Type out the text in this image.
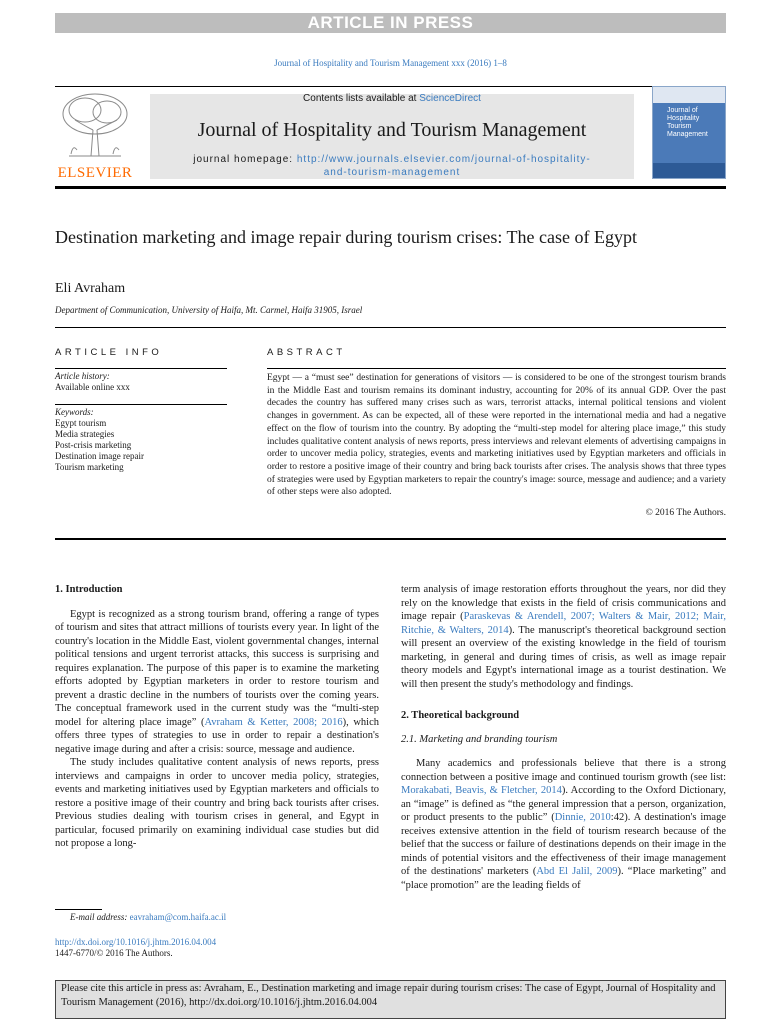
ARTICLE IN PRESS
Journal of Hospitality and Tourism Management xxx (2016) 1–8
ELSEVIER
Contents lists available at ScienceDirect
Journal of Hospitality and Tourism Management
journal homepage: http://www.journals.elsevier.com/journal-of-hospitality-
and-tourism-management
Journal of
Hospitality
Tourism
Management
Destination marketing and image repair during tourism crises: The case of Egypt
Eli Avraham
Department of Communication, University of Haifa, Mt. Carmel, Haifa 31905, Israel
ARTICLE INFO
Article history:
Available online xxx
Keywords:
Egypt tourism
Media strategies
Post-crisis marketing
Destination image repair
Tourism marketing
ABSTRACT
Egypt — a “must see” destination for generations of visitors — is considered to be one of the strongest tourism brands in the Middle East and tourism remains its dominant industry, accounting for 20% of its annual GDP. Over the past decades the country has suffered many crises such as wars, terrorist attacks, internal political tensions and violent changes in government. As can be expected, all of these were reported in the international media and had a negative effect on the flow of tourism into the country. By adopting the “multi-step model for altering place image,” this study includes qualitative content analysis of news reports, press interviews and relevant elements of advertising campaigns in order to uncover media policy, strategies, events and marketing initiatives used by Egyptian marketers and officials in order to restore a positive image of their country and bring back tourists after crises. The analysis shows that three types of strategies were used by Egyptian marketers to repair the country's image: source, message and audience; and a variety of other steps were also adopted.
© 2016 The Authors.
1. Introduction

Egypt is recognized as a strong tourism brand, offering a range of types of tourism and sites that attract millions of tourists every year. In light of the country's location in the Middle East, violent governmental changes, internal political tensions and urgent terrorist attacks, this success is surprising and requires explanation. The purpose of this paper is to examine the marketing efforts adopted by Egyptian marketers in order to restore tourism and prevent a drastic decline in the numbers of tourists over the coming years. The conceptual framework used in the current study was the “multi-step model for altering place image” (Avraham & Ketter, 2008; 2016), which offers three types of strategies to use in order to repair a destination's negative image during and after a crisis: source, message and audience.

The study includes qualitative content analysis of news reports, press interviews and campaigns in order to uncover media policy, strategies, events and marketing initiatives used by Egyptian marketers and officials to restore a positive image of their country and bring back tourists after crises. Previous studies dealing with tourism crises in general, and Egypt in particular, focused primarily on examining individual case studies but did not propose a long-

term analysis of image restoration efforts throughout the years, nor did they rely on the knowledge that exists in the field of crisis communications and image repair (Paraskevas & Arendell, 2007; Walters & Mair, 2012; Mair, Ritchie, & Walters, 2014). The manuscript's theoretical background section will present an overview of the existing knowledge in the field of tourism marketing, in general and during times of crisis, as well as image repair theory models and Egypt's international image as a tourist destination. We will then present the study's methodology and findings.

2. Theoretical background
2.1. Marketing and branding tourism

Many academics and professionals believe that there is a strong connection between a positive image and continued tourism growth (see list: Morakabati, Beavis, & Fletcher, 2014). According to the Oxford Dictionary, an “image” is defined as “the general impression that a person, organization, or product presents to the public” (Dinnie, 2010:42). A destination's image receives extensive attention in the field of tourism research because of the belief that the success or failure of destinations depends on their image in the minds of potential visitors and the effectiveness of their image management of the destinations' marketers (Abd El Jalil, 2009). “Place marketing” and “place promotion” are the leading fields of

E-mail address: eavraham@com.haifa.ac.il
http://dx.doi.org/10.1016/j.jhtm.2016.04.004
1447-6770/© 2016 The Authors.
Please cite this article in press as: Avraham, E., Destination marketing and image repair during tourism crises: The case of Egypt, Journal of Hospitality and Tourism Management (2016), http://dx.doi.org/10.1016/j.jhtm.2016.04.004
